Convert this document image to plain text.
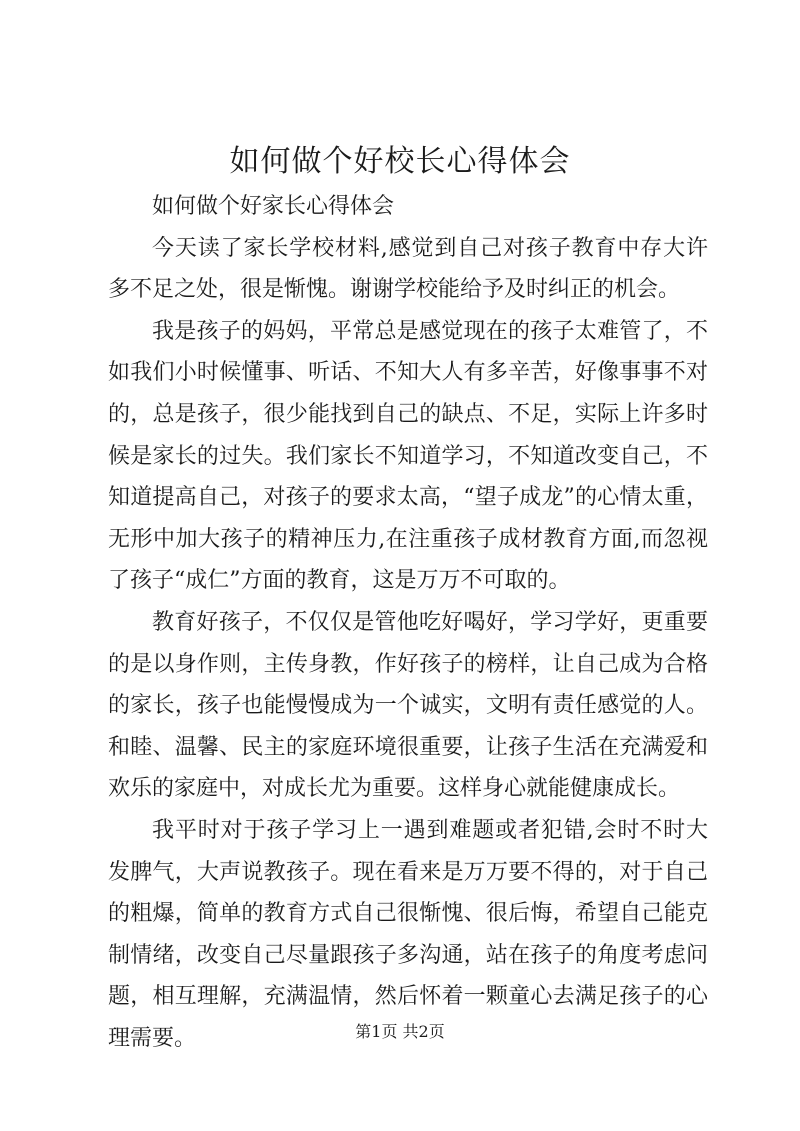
如何做个好校长心得体会

如何做个好家长心得体会

今天读了家长学校材料,感觉到自己对孩子教育中存大许多不足之处，很是惭愧。谢谢学校能给予及时纠正的机会。

我是孩子的妈妈，平常总是感觉现在的孩子太难管了，不如我们小时候懂事、听话、不知大人有多辛苦，好像事事不对的，总是孩子，很少能找到自己的缺点、不足，实际上许多时候是家长的过失。我们家长不知道学习，不知道改变自己，不知道提高自己，对孩子的要求太高，“望子成龙”的心情太重，无形中加大孩子的精神压力,在注重孩子成材教育方面,而忽视了孩子“成仁”方面的教育，这是万万不可取的。

教育好孩子，不仅仅是管他吃好喝好，学习学好，更重要的是以身作则，主传身教，作好孩子的榜样，让自己成为合格的家长，孩子也能慢慢成为一个诚实，文明有责任感觉的人。和睦、温馨、民主的家庭环境很重要，让孩子生活在充满爱和欢乐的家庭中，对成长尤为重要。这样身心就能健康成长。

我平时对于孩子学习上一遇到难题或者犯错,会时不时大发脾气，大声说教孩子。现在看来是万万要不得的，对于自己的粗爆，简单的教育方式自己很惭愧、很后悔，希望自己能克制情绪，改变自己尽量跟孩子多沟通，站在孩子的角度考虑问题，相互理解，充满温情，然后怀着一颗童心去满足孩子的心理需要。	第1页 共2页
